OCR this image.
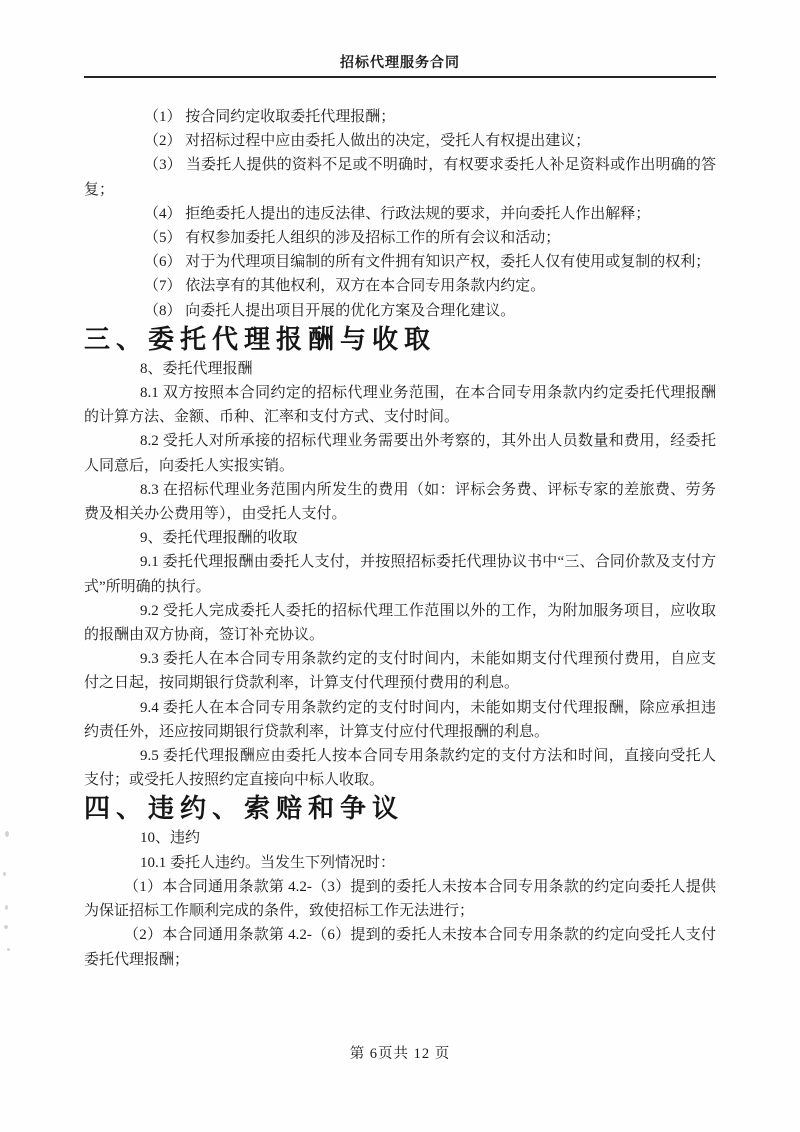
招标代理服务合同

（1） 按合同约定收取委托代理报酬；

（2） 对招标过程中应由委托人做出的决定，受托人有权提出建议；

（3） 当委托人提供的资料不足或不明确时，有权要求委托人补足资料或作出明确的答复；

（4） 拒绝委托人提出的违反法律、行政法规的要求，并向委托人作出解释；

（5） 有权参加委托人组织的涉及招标工作的所有会议和活动；

（6） 对于为代理项目编制的所有文件拥有知识产权，委托人仅有使用或复制的权利；

（7） 依法享有的其他权利，双方在本合同专用条款内约定。

（8） 向委托人提出项目开展的优化方案及合理化建议。

三、委托代理报酬与收取

8、委托代理报酬

8.1 双方按照本合同约定的招标代理业务范围，在本合同专用条款内约定委托代理报酬的计算方法、金额、币种、汇率和支付方式、支付时间。

8.2 受托人对所承接的招标代理业务需要出外考察的，其外出人员数量和费用，经委托人同意后，向委托人实报实销。

8.3 在招标代理业务范围内所发生的费用（如：评标会务费、评标专家的差旅费、劳务费及相关办公费用等），由受托人支付。

9、委托代理报酬的收取

9.1 委托代理报酬由委托人支付，并按照招标委托代理协议书中“三、合同价款及支付方式”所明确的执行。

9.2 受托人完成委托人委托的招标代理工作范围以外的工作，为附加服务项目，应收取的报酬由双方协商，签订补充协议。

9.3 委托人在本合同专用条款约定的支付时间内，未能如期支付代理预付费用，自应支付之日起，按同期银行贷款利率，计算支付代理预付费用的利息。

9.4 委托人在本合同专用条款约定的支付时间内，未能如期支付代理报酬，除应承担违约责任外，还应按同期银行贷款利率，计算支付应付代理报酬的利息。

9.5 委托代理报酬应由委托人按本合同专用条款约定的支付方法和时间，直接向受托人支付；或受托人按照约定直接向中标人收取。

四、违约、索赔和争议

10、违约

10.1 委托人违约。当发生下列情况时：

（1）本合同通用条款第 4.2-（3）提到的委托人未按本合同专用条款的约定向委托人提供为保证招标工作顺利完成的条件，致使招标工作无法进行；

（2）本合同通用条款第 4.2-（6）提到的委托人未按本合同专用条款的约定向受托人支付委托代理报酬；

第 6页共 12 页
